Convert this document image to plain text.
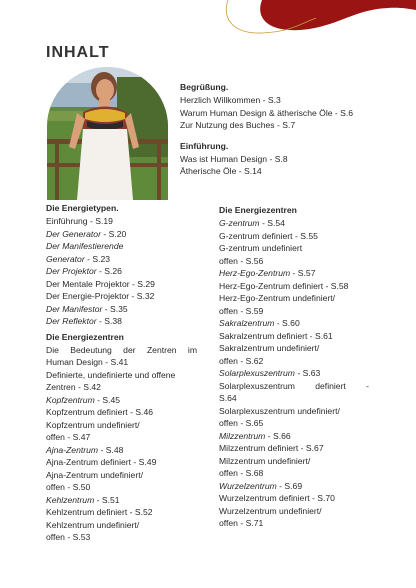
INHALT
Begrüßung.
Herzlich Willkommen - S.3
Warum Human Design & ätherische Öle - S.6
Zur Nutzung des Buches - S.7
Einführung.
Was ist Human Design - S.8
Ätherische Öle - S.14
Die Energietypen.
Einführung - S.19
Der Generator - S.20
Der Manifestierende
Generator - S.23
Der Projektor - S.26
Der Mentale Projektor - S.29
Der Energie-Projektor - S.32
Der Manifestor - S.35
Der Reflektor - S.38
Die Energiezentren
Die Bedeutung der Zentren im
Human Design - S.41
Definierte, undefinierte und offene
Zentren - S.42
Kopfzentrum - S.45
Kopfzentrum definiert - S.46
Kopfzentrum undefiniert/
offen - S.47
Ajna-Zentrum - S.48
Ajna-Zentrum definiert - S.49
Ajna-Zentrum undefiniert/
offen - S.50
Kehlzentrum - S.51
Kehlzentrum definiert - S.52
Kehlzentrum undefiniert/
offen - S.53
Die Energiezentren
G-zentrum - S.54
G-zentrum definiert - S.55
G-zentrum undefiniert
offen - S.56
Herz-Ego-Zentrum - S.57
Herz-Ego-Zentrum definiert - S.58
Herz-Ego-Zentrum undefiniert/
offen - S.59
Sakralzentrum - S.60
Sakralzentrum definiert - S.61
Sakralzentrum undefiniert/
offen - S.62
Solarplexuszentrum - S.63
Solarplexuszentrum definiert -
S.64
Solarplexuszentrum undefiniert/
offen - S.65
Milzzentrum - S.66
Milzzentrum definiert - S.67
Milzzentrum undefiniert/
offen - S.68
Wurzelzentrum - S.69
Wurzelzentrum definiert - S.70
Wurzelzentrum undefiniert/
offen - S.71
